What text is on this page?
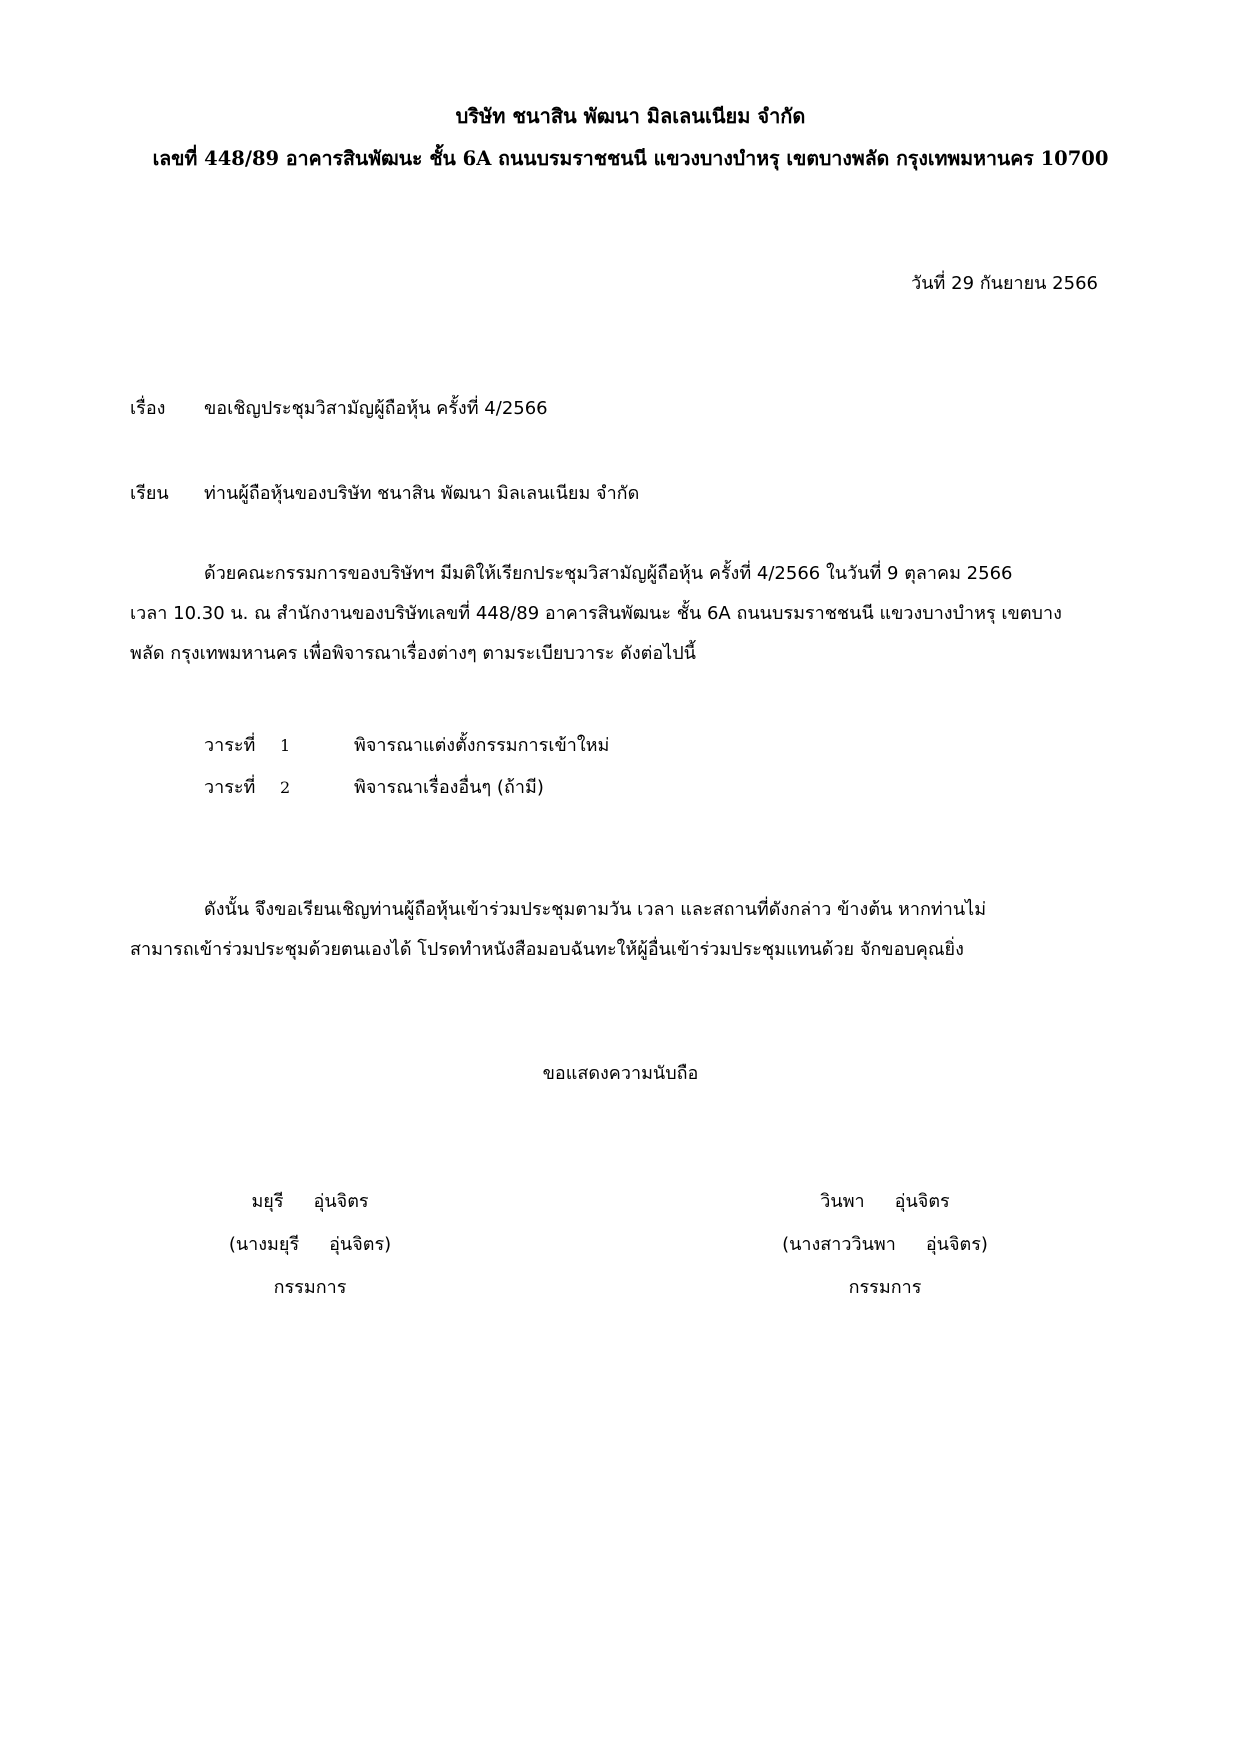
บริษัท ชนาสิน พัฒนา มิลเลนเนียม จำกัด
เลขที่ 448/89 อาคารสินพัฒนะ ชั้น 6A ถนนบรมราชชนนี แขวงบางบำหรุ เขตบางพลัด กรุงเทพมหานคร 10700
วันที่ 29 กันยายน 2566
เรื่อง ขอเชิญประชุมวิสามัญผู้ถือหุ้น ครั้งที่ 4/2566
เรียน ท่านผู้ถือหุ้นของบริษัท ชนาสิน พัฒนา มิลเลนเนียม จำกัด
ด้วยคณะกรรมการของบริษัทฯ มีมติให้เรียกประชุมวิสามัญผู้ถือหุ้น ครั้งที่ 4/2566 ในวันที่ 9 ตุลาคม 2566
เวลา 10.30 น. ณ สำนักงานของบริษัทเลขที่ 448/89 อาคารสินพัฒนะ ชั้น 6A ถนนบรมราชชนนี แขวงบางบำหรุ เขตบาง
พลัด กรุงเทพมหานคร เพื่อพิจารณาเรื่องต่างๆ ตามระเบียบวาระ ดังต่อไปนี้
วาระที่ 1	พิจารณาแต่งตั้งกรรมการเข้าใหม่
วาระที่ 2	พิจารณาเรื่องอื่นๆ (ถ้ามี)
ดังนั้น จึงขอเรียนเชิญท่านผู้ถือหุ้นเข้าร่วมประชุมตามวัน เวลา และสถานที่ดังกล่าว ข้างต้น หากท่านไม่
สามารถเข้าร่วมประชุมด้วยตนเองได้ โปรดทำหนังสือมอบฉันทะให้ผู้อื่นเข้าร่วมประชุมแทนด้วย จักขอบคุณยิ่ง
ขอแสดงความนับถือ
มยุรี อุ่นจิตร
(นางมยุรี อุ่นจิตร)
กรรมการ
วินพา อุ่นจิตร
(นางสาววินพา อุ่นจิตร)
กรรมการ
